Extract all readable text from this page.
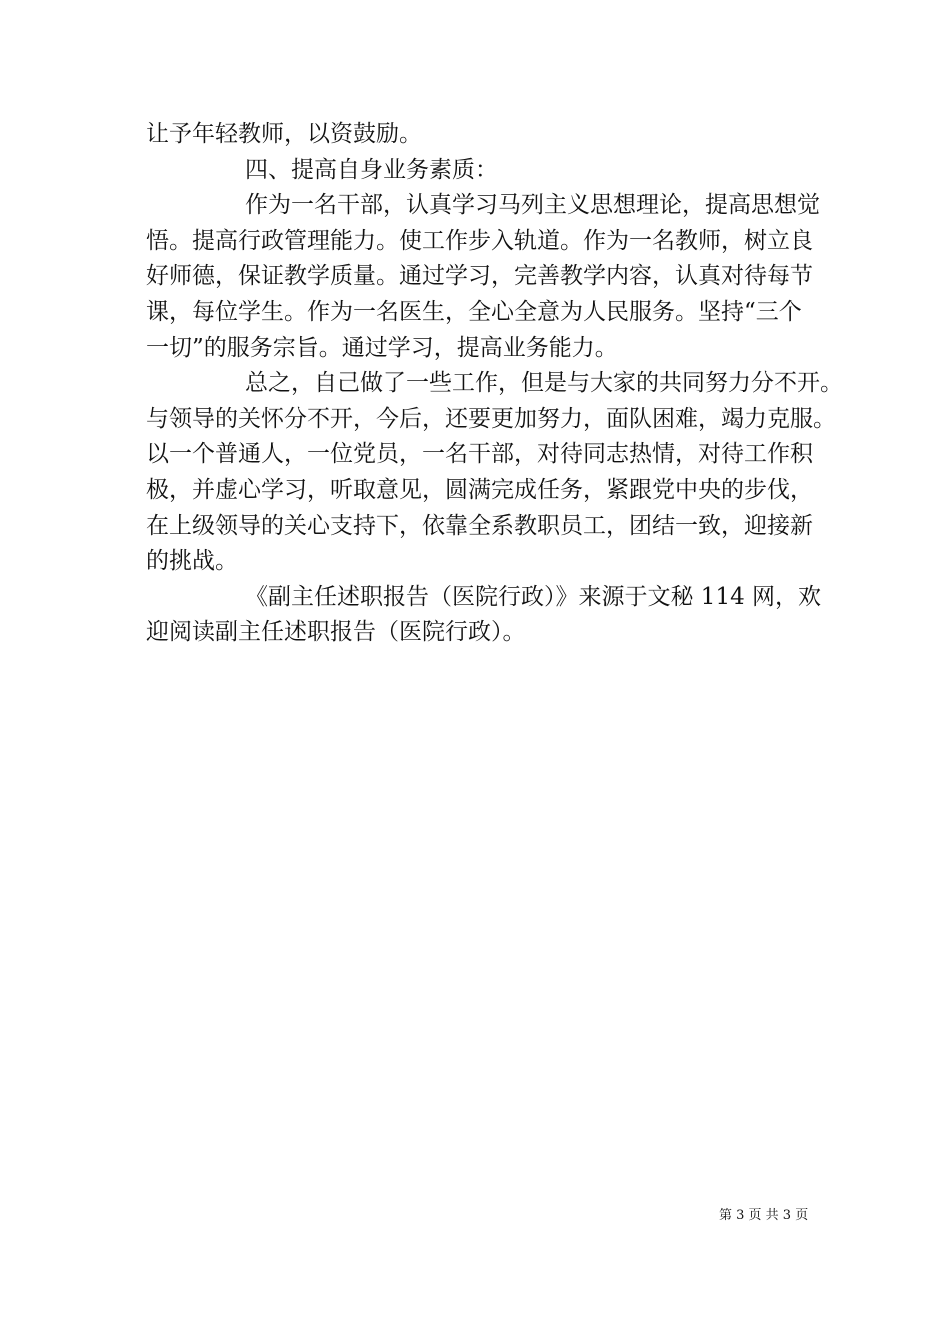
让予年轻教师，以资鼓励。
四、提高自身业务素质：
作为一名干部，认真学习马列主义思想理论，提高思想觉
悟。提高行政管理能力。使工作步入轨道。作为一名教师，树立良
好师德，保证教学质量。通过学习，完善教学内容，认真对待每节
课，每位学生。作为一名医生，全心全意为人民服务。坚持“三个
一切”的服务宗旨。通过学习，提高业务能力。
总之，自己做了一些工作，但是与大家的共同努力分不开。
与领导的关怀分不开，今后，还要更加努力，面队困难，竭力克服。
以一个普通人，一位党员，一名干部，对待同志热情，对待工作积
极，并虚心学习，听取意见，圆满完成任务，紧跟党中央的步伐，
在上级领导的关心支持下，依靠全系教职员工，团结一致，迎接新
的挑战。
《副主任述职报告（医院行政）》来源于文秘 114 网，欢
迎阅读副主任述职报告（医院行政）。
第 3 页 共 3 页
